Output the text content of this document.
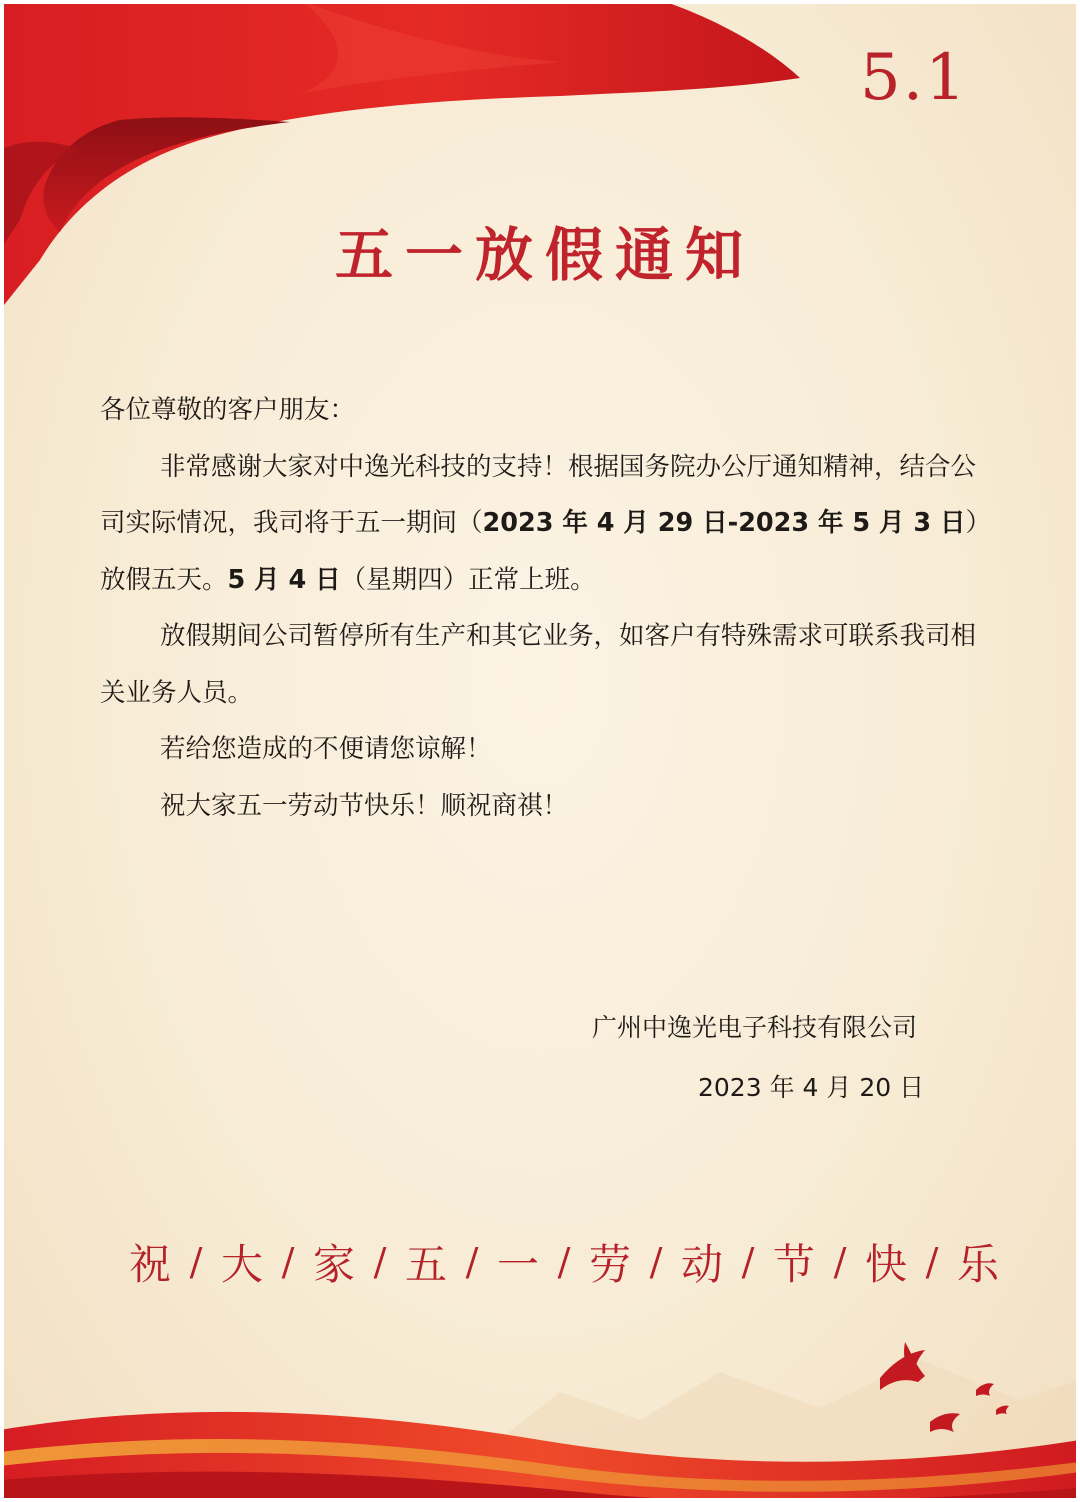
5.1
五一放假通知

各位尊敬的客户朋友：

非常感谢大家对中逸光科技的支持！根据国务院办公厅通知精神，结合公司实际情况，我司将于五一期间（2023 年 4 月 29 日-2023 年 5 月 3 日）放假五天。5 月 4 日（星期四）正常上班。

放假期间公司暂停所有生产和其它业务，如客户有特殊需求可联系我司相关业务人员。

若给您造成的不便请您谅解！

祝大家五一劳动节快乐！顺祝商祺！

广州中逸光电子科技有限公司
2023 年 4 月 20 日
祝 / 大 / 家 / 五 / 一 / 劳 / 动 / 节 / 快 / 乐
